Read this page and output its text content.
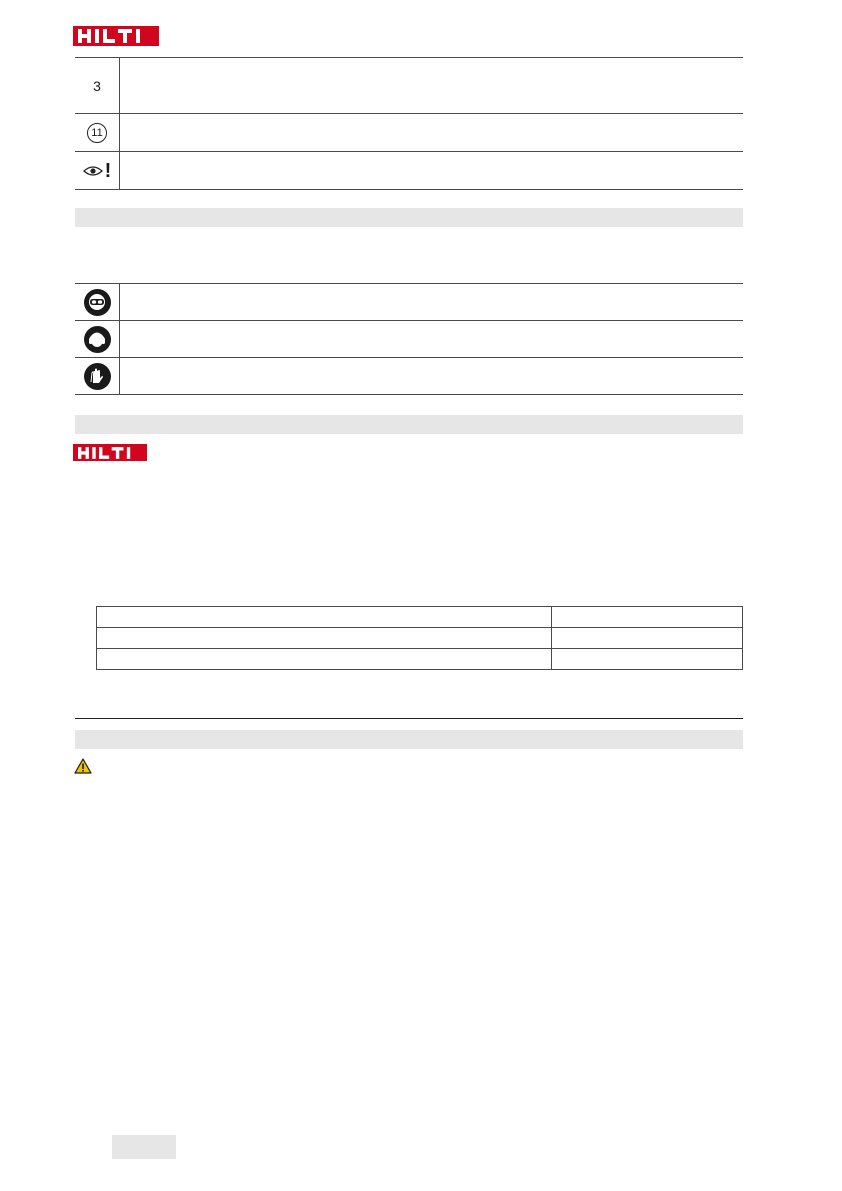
3
11
!
